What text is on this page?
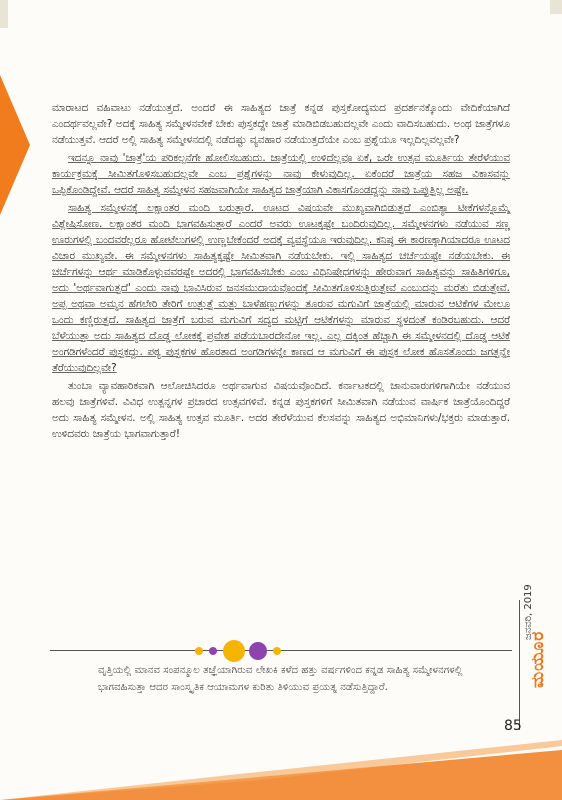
ಮಾರಾಟದ ವಹಿವಾಟು ನಡೆಯುತ್ತದೆ. ಅಂದರೆ ಈ ಸಾಹಿತ್ಯದ ಜಾತ್ರೆ ಕನ್ನಡ ಪುಸ್ತಕೋದ್ಯಮದ ಪ್ರದರ್ಶನಕ್ಕೊಂದು ವೇದಿಕೆಯಾಗಿದೆ ಎಂದರ್ಥವಲ್ಲವೇ? ಅದಕ್ಕೆ ಸಾಹಿತ್ಯ ಸಮ್ಮೇಳನವೇಕೆ ಬೇಕು ಪುಸ್ತಕದ್ದೇ ಜಾತ್ರೆ ಮಾಡಿಬಿಡಬಹುದಲ್ಲವೇ ಎಂದು ವಾದಿಸಬಹುದು. ಅಂಥ ಜಾತ್ರೆಗಳೂ ನಡೆಯುತ್ತವೆ. ಆದರೆ ಅಲ್ಲಿ ಸಾಹಿತ್ಯ ಸಮ್ಮೇಳನದಲ್ಲಿ ನಡೆದಷ್ಟು ವ್ಯವಹಾರ ನಡೆಯುತ್ತದೆಯೇ ಎಂಬ ಪ್ರಶ್ನೆಯೂ ಇಲ್ಲದಿಲ್ಲವಲ್ಲವೇ?

ಇದನ್ನೂ ನಾವು 'ಜಾತ್ರೆ'ಯ ಪರಿಕಲ್ಪನೆಗೇ ಹೋಲಿಸಬಹುದು. ಜಾತ್ರೆಯಲ್ಲಿ ಉಳಿದೆಲ್ಲವೂ ಏಕೆ, ಒರೇ ಉತ್ಸವ ಮೂರ್ತಿಯ ತೇರೆಳೆಯುವ ಕಾರ್ಯಕ್ರಮಕ್ಕೆ ಸೀಮಿತಗೊಳಿಸಬಹುದಲ್ಲವೇ ಎಂಬ ಪ್ರಶ್ನೆಗಳನ್ನು ನಾವು ಕೇಳುವುದಿಲ್ಲ. ಏಕೆಂದರೆ ಜಾತ್ರೆಯ ಸಹಜ ವಿಕಾಸವನ್ನು ಒಪ್ಪಿಕೊಂಡಿದ್ದೇವೆ. ಆದರೆ ಸಾಹಿತ್ಯ ಸಮ್ಮೇಳನ ಸಹಜವಾಗಿಯೇ ಸಾಹಿತ್ಯದ ಜಾತ್ರೆಯಾಗಿ ವಿಕಾಸಗೊಂಡದ್ದನ್ನು ನಾವು ಒಪ್ಪುತ್ತಿಲ್ಲ ಅಷ್ಟೇ.

ಸಾಹಿತ್ಯ ಸಮ್ಮೇಳನಕ್ಕೆ ಲಕ್ಷಾಂತರ ಮಂದಿ ಬರುತ್ತಾರೆ. ಊಟದ ವಿಷಯವೇ ಮುಖ್ಯವಾಗಿಬಿಡುತ್ತದೆ ಎಂಬಿತ್ಯಾ ಟೀಕೆಗಳನ್ನೊಮ್ಮೆ ವಿಶ್ಲೇಷಿಸೋಣ. ಲಕ್ಷಾಂತರ ಮಂದಿ ಭಾಗವಹಿಸುತ್ತಾರೆ ಎಂದರೆ ಅವರು ಊಟಕ್ಕಷ್ಟೇ ಬಂದಿರುವುದಿಲ್ಲ. ಸಮ್ಮೇಳನಗಳು ನಡೆಯುವ ಸಣ್ಣ ಊರುಗಳಲ್ಲಿ ಬಂದವರೆಲ್ಲರೂ ಹೋಟೆಲುಗಳಲ್ಲಿ ಉಣ್ಣಬೇಕೆಂದರೆ ಅದಕ್ಕೆ ವ್ಯವಸ್ಥೆಯೂ ಇರುವುದಿಲ್ಲ. ಕನಿಷ್ಠ ಈ ಕಾರಣಕ್ಕಾಗಿಯಾದರೂ ಊಟದ ವಿಚಾರ ಮುಖ್ಯವೇ. ಈ ಸಮ್ಮೇಳನಗಳು ಸಾಹಿತ್ಯಕ್ಕಷ್ಟೇ ಸೀಮಿತವಾಗಿ ನಡೆಯಬೇಕು. ಇಲ್ಲಿ ಸಾಹಿತ್ಯದ ಚರ್ಚೆಯಷ್ಟೇ ನಡೆಯಬೇಕು. ಈ ಚರ್ಚೆಗಳನ್ನು ಆರ್ಥ ಮಾಡಿಕೊಳ್ಳುವವರಷ್ಟೇ ಅದರಲ್ಲಿ ಭಾಗವಹಿಸಬೇಕು ಎಂಬ ವಿಧಿನಿಷೇಧಗಳನ್ನು ಹೇರುವಾಗ ಸಾಹಿತ್ಯವನ್ನು ಸಾಹಿತಿಗಳಿಗೂ, ಅದು 'ಅರ್ಥವಾಗುತ್ತದೆ' ಎಂದು ನಾವು ಭಾವಿಸಿರುವ ಜನಸಮುದಾಯವೊಂದಕ್ಕೆ ಸೀಮಿತಗೊಳಿಸುತ್ತಿರುತ್ತೇವೆ ಎಂಬುದನ್ನು ಮರೆತು ಬಿಡುತ್ತೇವೆ. ಅಪ್ಪ ಅಥವಾ ಅಮ್ಮನ ಹೆಗಲೇರಿ ತೇರಿಗೆ ಉತ್ತುತ್ತೆ ಮತ್ತು ಬಾಳೆಹಣ್ಣುಗಳನ್ನು ತೂರುವ ಮಗುವಿಗೆ ಜಾತ್ರೆಯಲ್ಲಿ ಮಾರುವ ಆಟಿಕೆಗಳ ಮೇಲೂ ಒಂದು ಕಣ್ಣಿರುತ್ತದೆ. ಸಾಹಿತ್ಯದ ಜಾತ್ರೆಗೆ ಬರುವ ಮಗುವಿಗೆ ಸದ್ಯದ ಮಟ್ಟಿಗೆ ಆಟಿಕೆಗಳನ್ನು ಮಾರುವ ಸ್ಥಳದಂತೆ ಕಂಡಿರಬಹುದು. ಆದರೆ ಬೆಳೆಯುತ್ತಾ ಅದು ಸಾಹಿತ್ಯದ ದೊಡ್ಡ ಲೋಕಕ್ಕೆ ಪ್ರವೇಶ ಪಡೆಯಬಾರದೇನೋ ಇಲ್ಲ. ಎಲ್ಲ ದಕ್ಕಿಂತ ಹೆಚ್ಚಾಗಿ ಈ ಸಮ್ಮೇಳನದಲ್ಲಿ ದೊಡ್ಡ ಆಟಿಕೆ ಅಂಗಡಿಗಳೆಂದರೆ ಪುಸ್ತಕದ್ದು. ಪಠ್ಯ ಪುಸ್ತಕಗಳ ಹೊರತಾದ ಅಂಗಡಿಗಳನ್ನೇ ಕಾಣದ ಆ ಮಗುವಿಗೆ ಈ ಪುಸ್ತಕ ಲೋಕ ಹೊಸತೊಂದು ಜಗತ್ತನ್ನೇ ತೆರೆಯುವುದಿಲ್ಲವೇ?

ತುಂಬಾ ವ್ಯಾವಹಾರಿಕವಾಗಿ ಆಲೋಚಿಸಿದರೂ ಅರ್ಥವಾಗುವ ವಿಷಯವೊಂದಿದೆ. ಕರ್ನಾಟಕದಲ್ಲಿ ಜಾನುವಾರುಗಳಿಗಾಗಿಯೇ ನಡೆಯುವ ಹಲವು ಜಾತ್ರೆಗಳಿವೆ. ವಿವಿಧ ಉತ್ಪನ್ನಗಳ ಪ್ರಚಾರದ ಉತ್ಸವಗಳಿವೆ. ಕನ್ನಡ ಪುಸ್ತಕಗಳಿಗೆ ಸೀಮಿತವಾಗಿ ನಡೆಯುವ ವಾರ್ಷಿಕ ಜಾತ್ರೆಯೊಂದಿದ್ದರೆ ಅದು ಸಾಹಿತ್ಯ ಸಮ್ಮೇಳನ. ಅಲ್ಲಿ ಸಾಹಿತ್ಯ ಉತ್ಸವ ಮೂರ್ತಿ. ಅದರ ತೇರೆಳೆಯುವ ಕೆಲಸವನ್ನು ಸಾಹಿತ್ಯದ ಅಭಿಮಾನಿಗಳು/ಭಕ್ತರು ಮಾಡುತ್ತಾರೆ. ಉಳಿದವರು ಜಾತ್ರೆಯ ಭಾಗವಾಗುತ್ತಾರೆ!

ವೃತ್ತಿಯಲ್ಲಿ ಮಾನವ ಸಂಪನ್ಮೂಲ ತಜ್ಞೆಯಾಗಿರುವ ಲೇಖಕಿ ಕಳೆದ ಹತ್ತು ವರ್ಷಗಳಿಂದ ಕನ್ನಡ ಸಾಹಿತ್ಯ ಸಮ್ಮೇಳನಗಳಲ್ಲಿ ಭಾಗವಹಿಸುತ್ತಾ ಆದರ ಸಾಂಸ್ಕೃತಿಕ ಆಯಾಮಗಳ ಕುರಿತು ತಿಳಿಯುವ ಪ್ರಯತ್ನ ನಡೆಸುತ್ತಿದ್ದಾರೆ.	ಮಯೂರ
ಜನವರಿ, 2019
85
